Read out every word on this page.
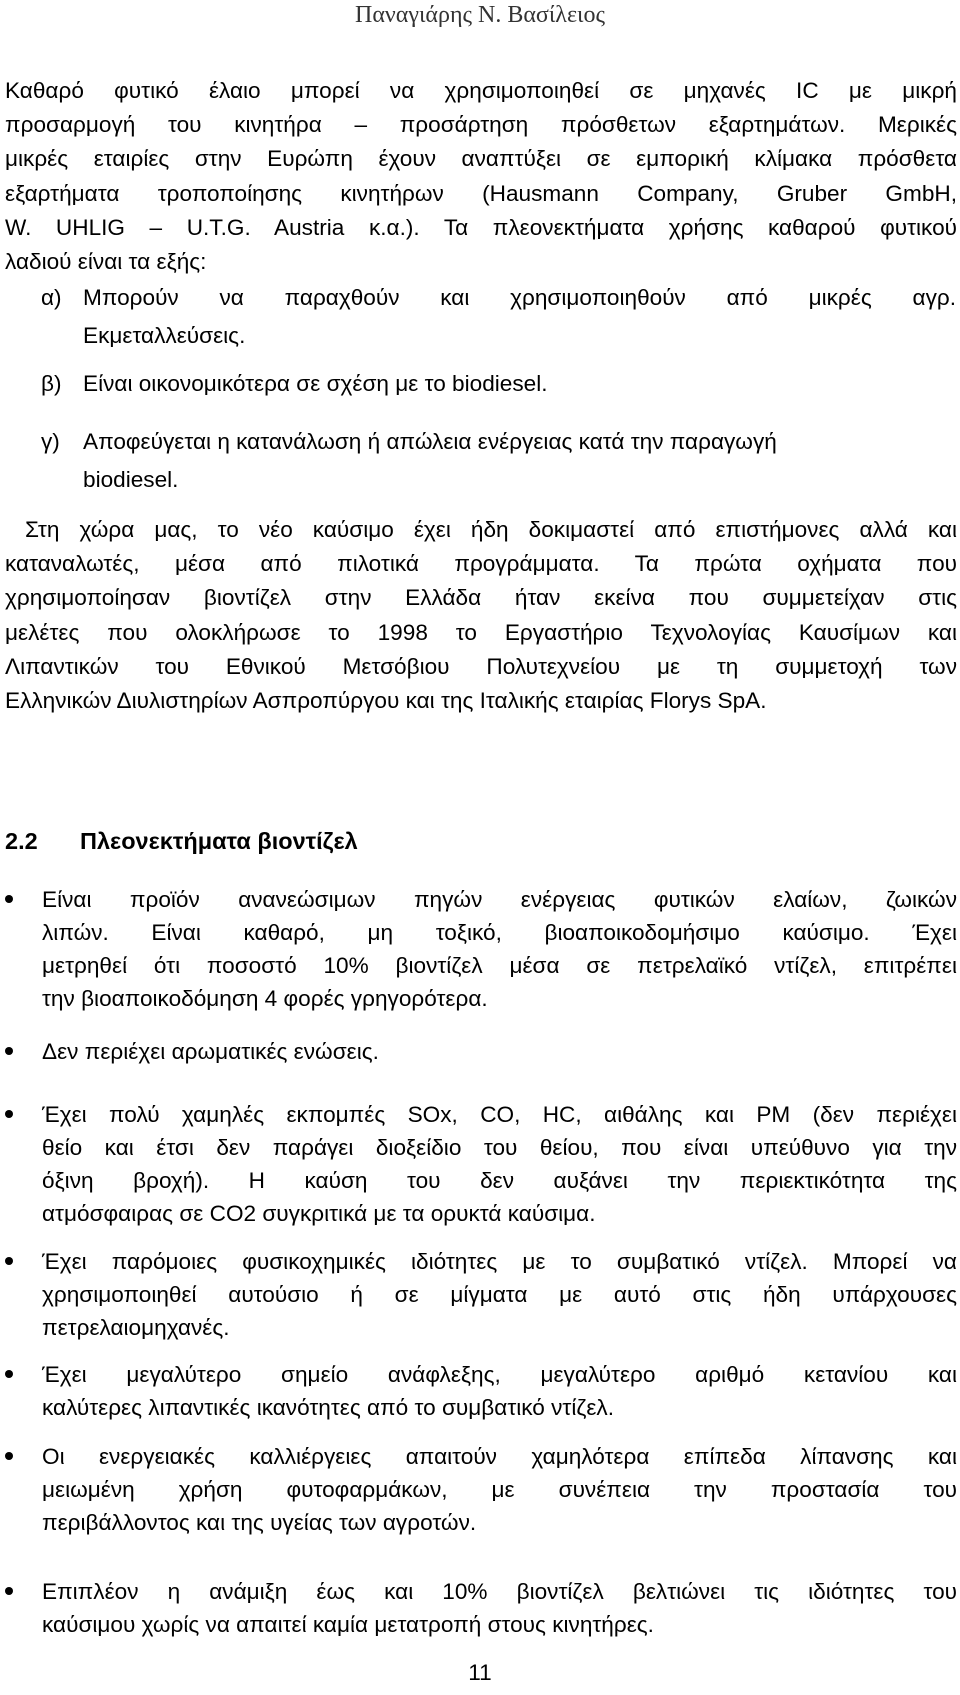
Παναγιάρης Ν. Βασίλειος
Καθαρό φυτικό έλαιο μπορεί να χρησιμοποιηθεί σε μηχανές IC με μικρή
προσαρμογή του κινητήρα – προσάρτηση πρόσθετων εξαρτημάτων. Μερικές
μικρές εταιρίες στην Ευρώπη έχουν αναπτύξει σε εμπορική κλίμακα πρόσθετα
εξαρτήματα τροποποίησης κινητήρων (Hausmann Company, Gruber GmbH,
W. UHLIG – U.T.G. Austria κ.α.). Τα πλεονεκτήματα χρήσης καθαρού φυτικού
λαδιού είναι τα εξής:
α) Μπορούν να παραχθούν και χρησιμοποιηθούν από μικρές αγρ.
Εκμεταλλεύσεις.
β) Είναι οικονομικότερα σε σχέση με το biodiesel.
γ) Αποφεύγεται η κατανάλωση ή απώλεια ενέργειας κατά την παραγωγή
biodiesel.
Στη χώρα μας, το νέο καύσιμο έχει ήδη δοκιμαστεί από επιστήμονες αλλά και
καταναλωτές, μέσα από πιλοτικά προγράμματα. Τα πρώτα οχήματα που
χρησιμοποίησαν βιοντίζελ στην Ελλάδα ήταν εκείνα που συμμετείχαν στις
μελέτες που ολοκλήρωσε το 1998 το Εργαστήριο Τεχνολογίας Καυσίμων και
Λιπαντικών του Εθνικού Μετσόβιου Πολυτεχνείου με τη συμμετοχή των
Ελληνικών Διυλιστηρίων Ασπροπύργου και της Ιταλικής εταιρίας Florys SpA.
2.2 Πλεονεκτήματα βιοντίζελ
Είναι προϊόν ανανεώσιμων πηγών ενέργειας φυτικών ελαίων, ζωικών
λιπών. Είναι καθαρό, μη τοξικό, βιοαποικοδομήσιμο καύσιμο. Έχει
μετρηθεί ότι ποσοστό 10% βιοντίζελ μέσα σε πετρελαϊκό ντίζελ, επιτρέπει
την βιοαποικοδόμηση 4 φορές γρηγορότερα.
Δεν περιέχει αρωματικές ενώσεις.
Έχει πολύ χαμηλές εκπομπές SOx, CO, HC, αιθάλης και PM (δεν περιέχει
θείο και έτσι δεν παράγει διοξείδιο του θείου, που είναι υπεύθυνο για την
όξινη βροχή). Η καύση του δεν αυξάνει την περιεκτικότητα της
ατμόσφαιρας σε CO2 συγκριτικά με τα ορυκτά καύσιμα.
Έχει παρόμοιες φυσικοχημικές ιδιότητες με το συμβατικό ντίζελ. Μπορεί να
χρησιμοποιηθεί αυτούσιο ή σε μίγματα με αυτό στις ήδη υπάρχουσες
πετρελαιομηχανές.
Έχει μεγαλύτερο σημείο ανάφλεξης, μεγαλύτερο αριθμό κετανίου και
καλύτερες λιπαντικές ικανότητες από το συμβατικό ντίζελ.
Οι ενεργειακές καλλιέργειες απαιτούν χαμηλότερα επίπεδα λίπανσης και
μειωμένη χρήση φυτοφαρμάκων, με συνέπεια την προστασία του
περιβάλλοντος και της υγείας των αγροτών.
Επιπλέον η ανάμιξη έως και 10% βιοντίζελ βελτιώνει τις ιδιότητες του
καύσιμου χωρίς να απαιτεί καμία μετατροπή στους κινητήρες.
11
